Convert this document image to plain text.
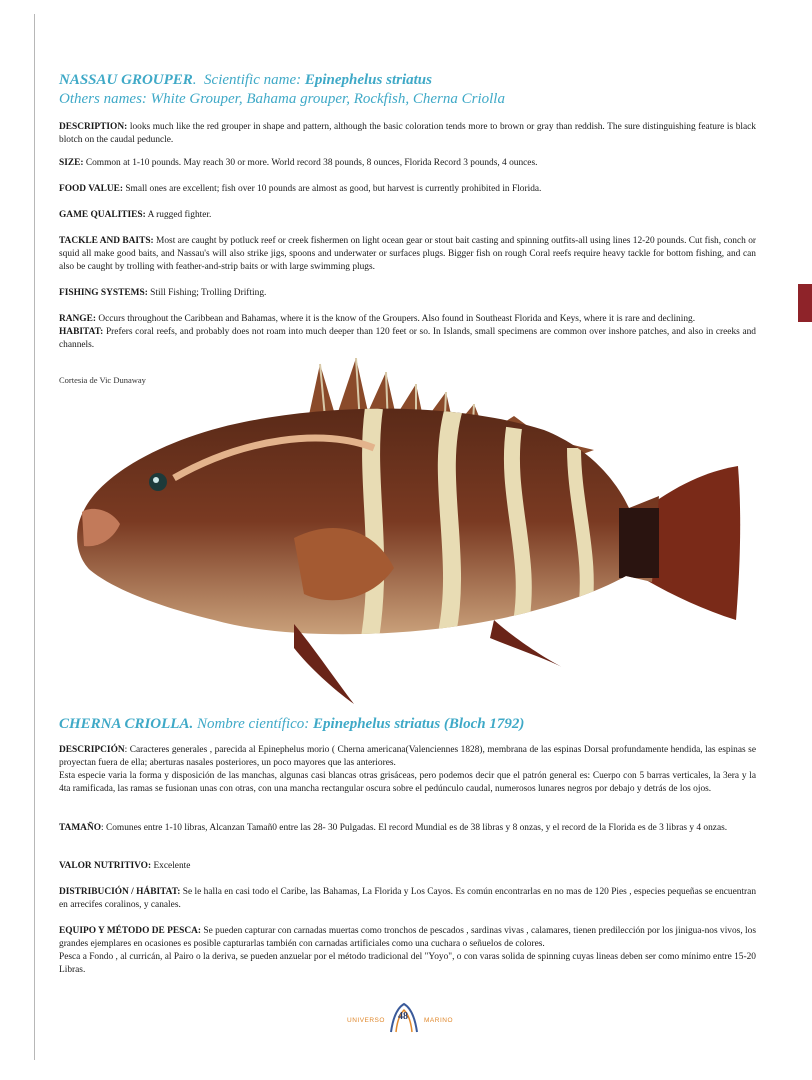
NASSAU GROUPER.  Scientific name: Epinephelus striatus
Others names: White Grouper, Bahama grouper, Rockfish, Cherna Criolla

DESCRIPTION: looks much like the red grouper in shape and pattern, although the basic coloration tends more to brown or gray than reddish. The sure distinguishing feature is black blotch on the caudal peduncle.

SIZE: Common at 1-10 pounds. May reach 30 or more. World record 38 pounds, 8 ounces, Florida Record 3 pounds, 4 ounces.

FOOD VALUE: Small ones are excellent; fish over 10 pounds are almost as good, but harvest is currently prohibited in Florida.

GAME QUALITIES: A rugged fighter.

TACKLE AND BAITS: Most are caught by potluck reef or creek fishermen on light ocean gear or stout bait casting and spinning outfits-all using lines 12-20 pounds. Cut fish, conch or squid all make good baits, and Nassau's will also strike jigs, spoons and underwater or surfaces plugs. Bigger fish on rough Coral reefs require heavy tackle for bottom fishing, and can also be caught by trolling with feather-and-strip baits or with large swimming plugs.

FISHING SYSTEMS: Still Fishing; Trolling Drifting.

RANGE: Occurs throughout the Caribbean and Bahamas, where it is the know of the Groupers. Also found in Southeast Florida and Keys, where it is rare and declining.
HABITAT: Prefers coral reefs, and probably does not roam into much deeper than 120 feet or so. In Islands, small specimens are common over inshore patches, and also in creeks and channels.

Cortesia de Vic Dunaway
CHERNA CRIOLLA. Nombre científico: Epinephelus striatus (Bloch 1792)

DESCRIPCIÓN: Caracteres generales , parecida al Epinephelus morio ( Cherna americana(Valenciennes 1828), membrana de las espinas Dorsal profundamente hendida, las espinas se proyectan fuera de ella; aberturas nasales posteriores, un poco mayores que las anteriores.
Esta especie varia la forma y disposición de las manchas, algunas casi blancas otras grisáceas, pero podemos decir que el patrón general es: Cuerpo con 5 barras verticales, la 3era y la 4ta ramificada, las ramas se fusionan unas con otras, con una mancha rectangular oscura sobre el pedúnculo caudal, numerosos lunares negros por debajo y detrás de los ojos.

TAMAÑO: Comunes entre 1-10 libras, Alcanzan Tamañ0 entre las 28- 30 Pulgadas. El record Mundial es de 38 libras y 8 onzas, y el record de la Florida es de 3 libras y 4 onzas.

VALOR NUTRITIVO: Excelente

DISTRIBUCIÓN / HÁBITAT: Se le halla en casi todo el Caribe, las Bahamas, La Florida y Los Cayos. Es común encontrarlas en no mas de 120 Pies , especies pequeñas se encuentran en arrecifes coralinos, y canales.

EQUIPO Y MÉTODO DE PESCA: Se pueden capturar con carnadas muertas como tronchos de pescados , sardinas vivas , calamares, tienen predilección por los jinigua-nos vivos, los grandes ejemplares en ocasiones es posible capturarlas también con carnadas artificiales como una cuchara o señuelos de colores.
Pesca a Fondo , al curricán, al Pairo o la deriva, se pueden anzuelar por el método tradicional del "Yoyo", o con varas solida de spinning cuyas lineas deben ser como mínimo entre 15-20 Libras.

UNIVERSO 48 MARINO
